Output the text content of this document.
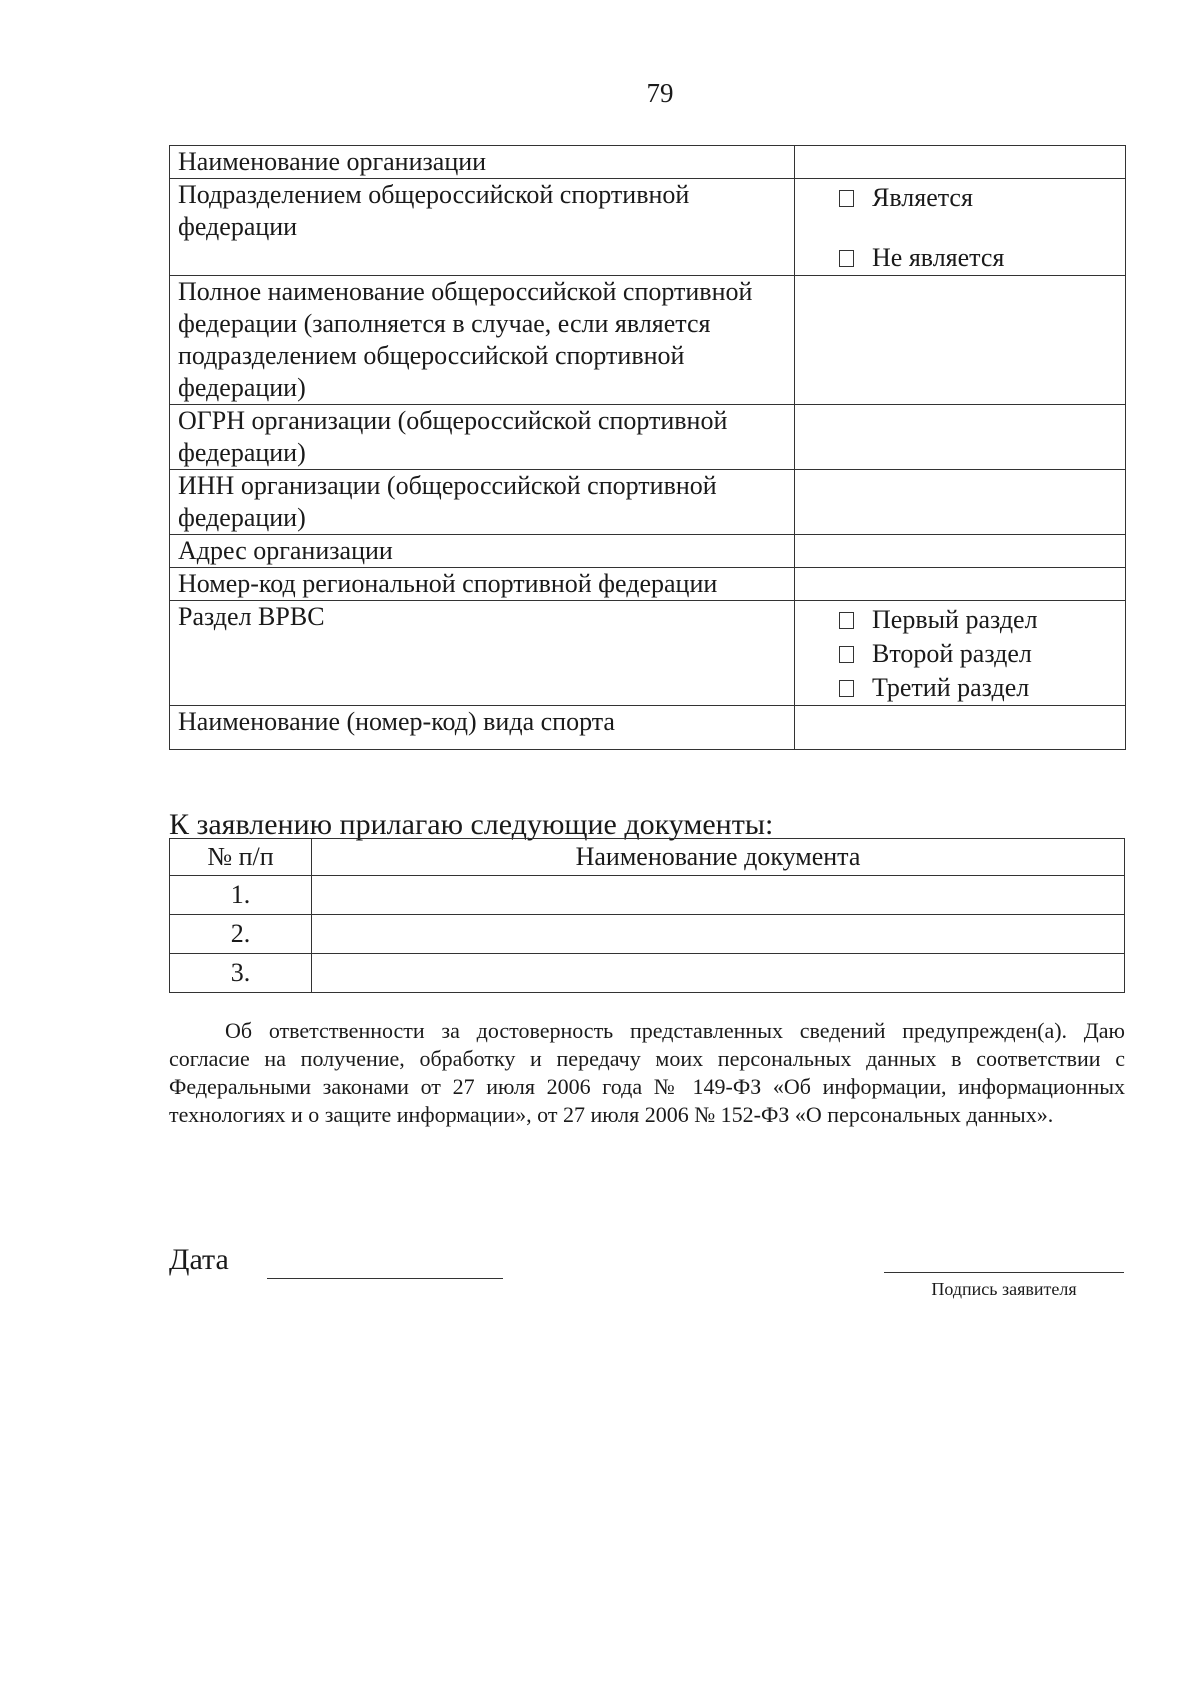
79
Наименование организации	
Подразделением общероссийской спортивной федерации	Является
Не является

Полное наименование общероссийской спортивной федерации (заполняется в случае, если является подразделением общероссийской спортивной федерации)	
ОГРН организации (общероссийской спортивной федерации)	
ИНН организации (общероссийской спортивной федерации)	
Адрес организации	
Номер-код региональной спортивной федерации	
Раздел ВРВС	Первый раздел
Второй раздел
Третий раздел

Наименование (номер-код) вида спорта	
К заявлению прилагаю следующие документы:
№ п/п	Наименование документа
1.	
2.	
3.	
Об ответственности за достоверность представленных сведений предупрежден(а). Даю согласие на получение, обработку и передачу моих персональных данных в соответствии с Федеральными законами от 27 июля 2006 года № 149-ФЗ «Об информации, информационных технологиях и о защите информации», от 27 июля 2006 № 152-ФЗ «О персональных данных».
Дата
Подпись заявителя
